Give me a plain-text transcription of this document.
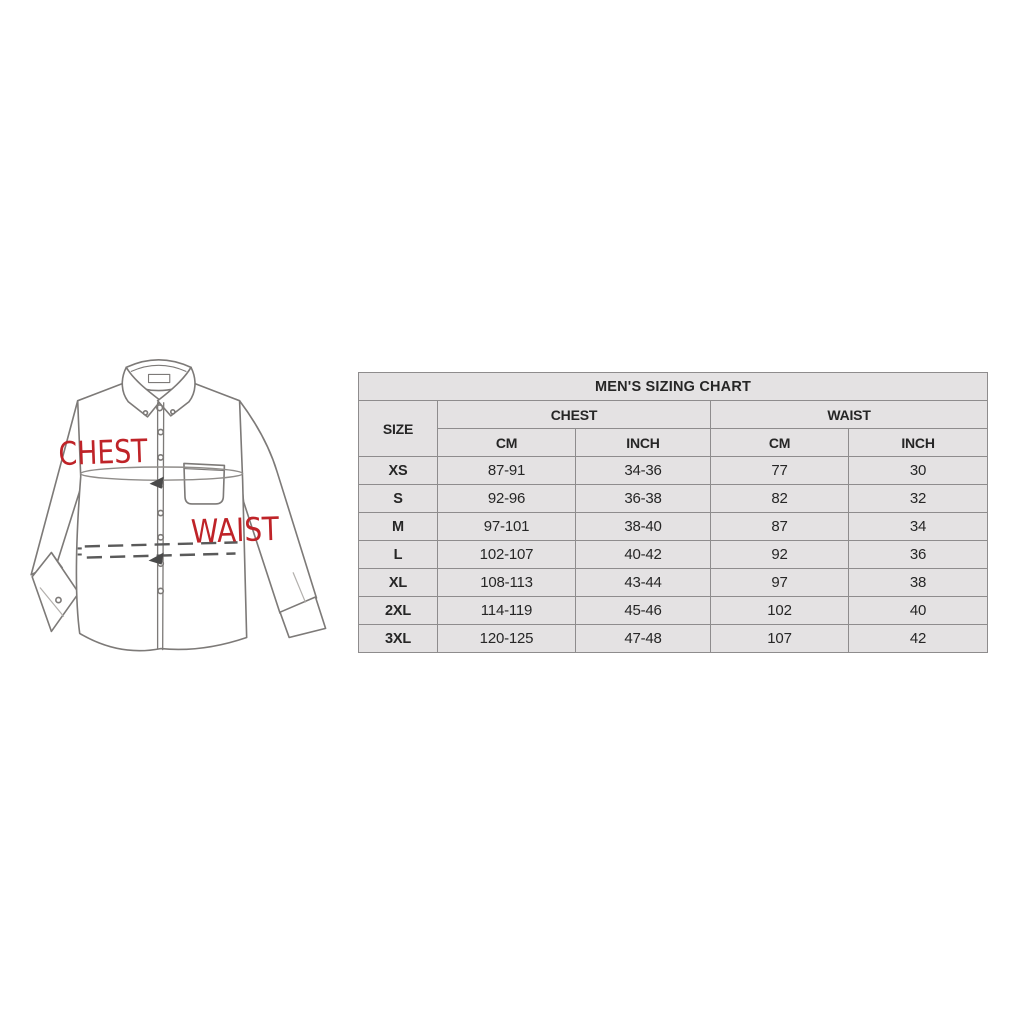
CHEST
WAIST
MEN'S SIZING CHART				
SIZE	CHEST		WAIST	
	CM	INCH	CM	INCH
XS	87-91	34-36	77	30
S	92-96	36-38	82	32
M	97-101	38-40	87	34
L	102-107	40-42	92	36
XL	108-113	43-44	97	38
2XL	114-119	45-46	102	40
3XL	120-125	47-48	107	42
